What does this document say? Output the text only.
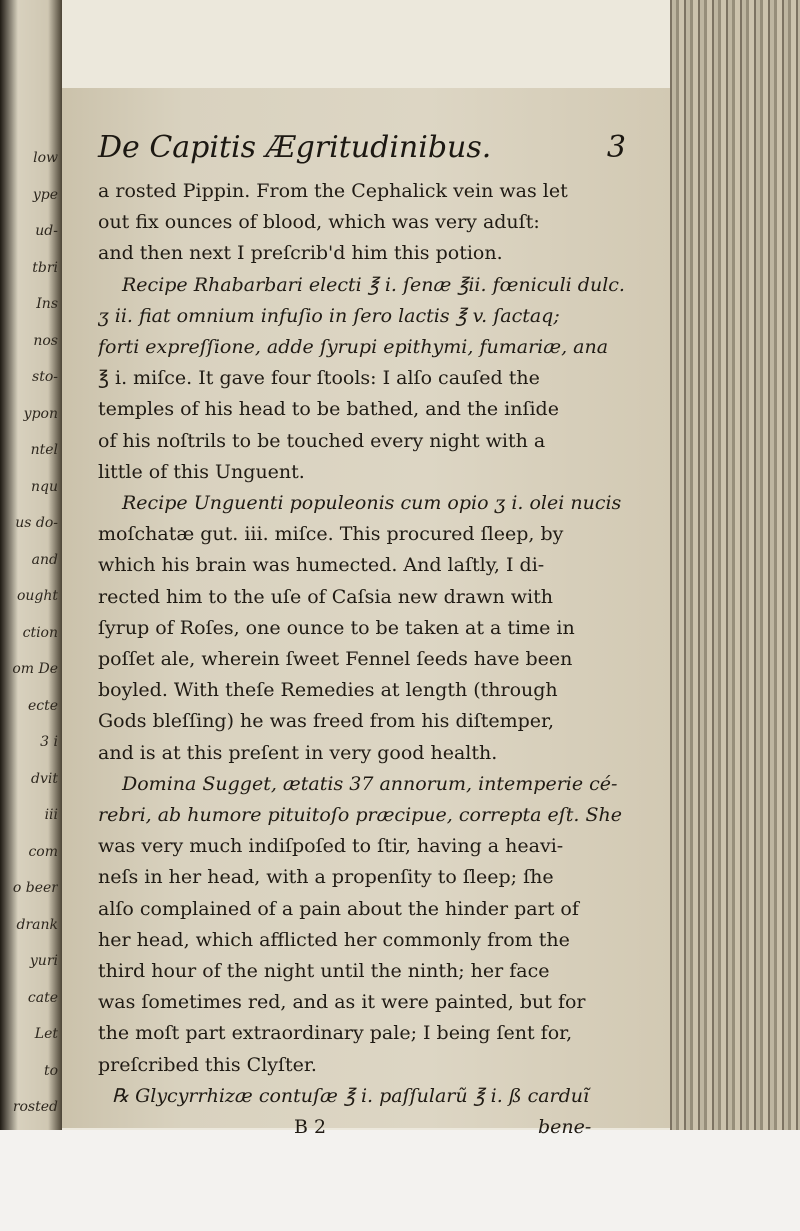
low
ype
ud-
tbri
Ins
nos
sto-
ypon
ntel
nqu
us do-
and
ought
ction
om De
ecte
3 i
dvit
iii
com
o beer
drank
yuri
cate
Let
to
rosted
De Capitis Ægritudinibus.	3
a rosted Pippin. From the Cephalick vein was let
out fix ounces of blood, which was very aduſt:
and then next I preſcrib'd him this potion.
Recipe Rhabarbari electi ℥ i. ſenæ ℥ii. fœniculi dulc.
ʒ ii. fiat omnium infuſio in ſero lactis ℥ v. ſactaq;
forti expreſſione, adde ſyrupi epithymi, fumariæ, ana
℥ i. miſce. It gave four ſtools: I alſo cauſed the
temples of his head to be bathed, and the inſide
of his noſtrils to be touched every night with a
little of this Unguent.
Recipe Unguenti populeonis cum opio ʒ i. olei nucis
moſchatæ gut. iii. miſce. This procured ſleep, by
which his brain was humected. And laſtly, I di-
rected him to the uſe of Caſsia new drawn with
ſyrup of Roſes, one ounce to be taken at a time in
poſſet ale, wherein ſweet Fennel ſeeds have been
boyled. With theſe Remedies at length (through
Gods bleſſing) he was freed from his diſtemper,
and is at this preſent in very good health.
Domina Sugget, ætatis 37 annorum, intemperie cé-
rebri, ab humore pituitoſo præcipue, correpta eſt. She
was very much indiſpoſed to ſtir, having a heavi-
neſs in her head, with a propenſity to ſleep; ſhe
alſo complained of a pain about the hinder part of
her head, which afflicted her commonly from the
third hour of the night until the ninth; her face
was ſometimes red, and as it were painted, but for
the moſt part extraordinary pale; I being ſent for,
preſcribed this Clyſter.
℞ Glycyrrhizæ contuſæ ℥ i. paſſularũ ℥ i. ß carduĩ
B 2	bene-
